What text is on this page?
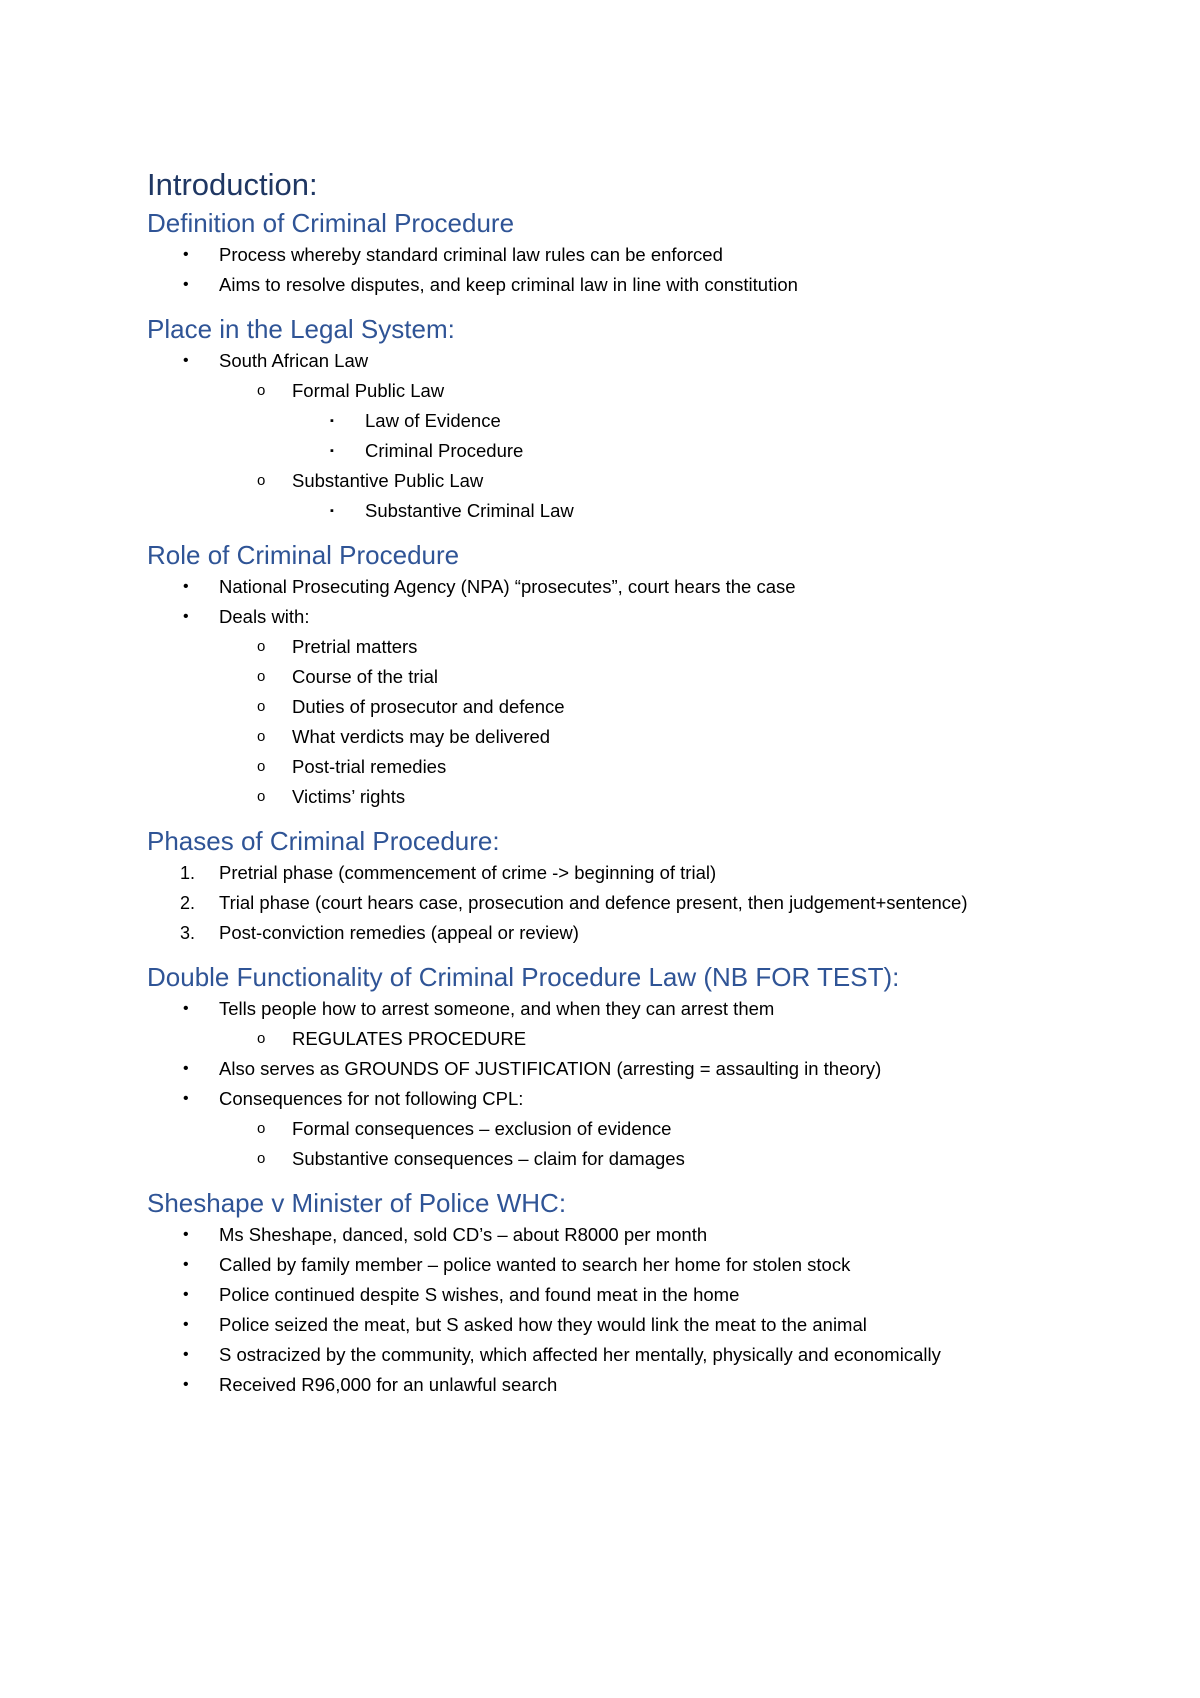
Introduction:
Definition of Criminal Procedure
• Process whereby standard criminal law rules can be enforced
• Aims to resolve disputes, and keep criminal law in line with constitution
Place in the Legal System:
• South African Law
o Formal Public Law
▪ Law of Evidence
▪ Criminal Procedure
o Substantive Public Law
▪ Substantive Criminal Law
Role of Criminal Procedure
• National Prosecuting Agency (NPA) “prosecutes”, court hears the case
• Deals with:
o Pretrial matters
o Course of the trial
o Duties of prosecutor and defence
o What verdicts may be delivered
o Post-trial remedies
o Victims’ rights
Phases of Criminal Procedure:
1. Pretrial phase (commencement of crime -> beginning of trial)
2. Trial phase (court hears case, prosecution and defence present, then judgement+sentence)
3. Post-conviction remedies (appeal or review)
Double Functionality of Criminal Procedure Law (NB FOR TEST):
• Tells people how to arrest someone, and when they can arrest them
o REGULATES PROCEDURE
• Also serves as GROUNDS OF JUSTIFICATION (arresting = assaulting in theory)
• Consequences for not following CPL:
o Formal consequences – exclusion of evidence
o Substantive consequences – claim for damages
Sheshape v Minister of Police WHC:
• Ms Sheshape, danced, sold CD’s – about R8000 per month
• Called by family member – police wanted to search her home for stolen stock
• Police continued despite S wishes, and found meat in the home
• Police seized the meat, but S asked how they would link the meat to the animal
• S ostracized by the community, which affected her mentally, physically and economically
• Received R96,000 for an unlawful search
